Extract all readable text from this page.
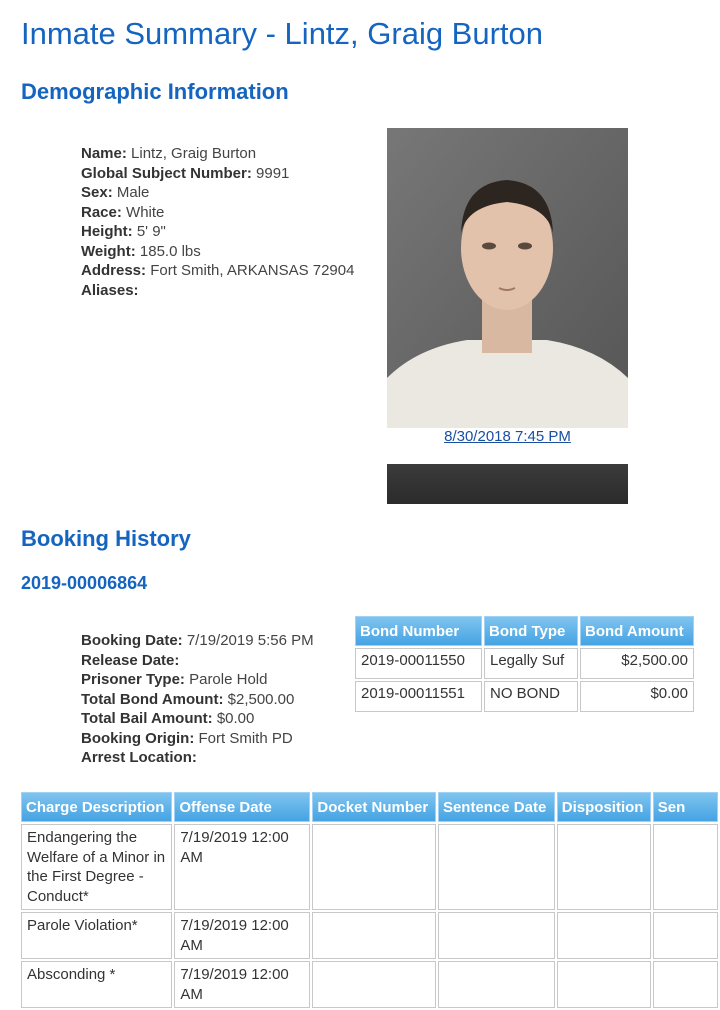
Inmate Summary - Lintz, Graig Burton
Demographic Information
Name: Lintz, Graig Burton
Global Subject Number: 9991
Sex: Male
Race: White
Height: 5' 9"
Weight: 185.0 lbs
Address: Fort Smith, ARKANSAS 72904
Aliases:
8/30/2018 7:45 PM
Booking History
2019-00006864
Booking Date: 7/19/2019 5:56 PM
Release Date:
Prisoner Type: Parole Hold
Total Bond Amount: $2,500.00
Total Bail Amount: $0.00
Booking Origin: Fort Smith PD
Arrest Location:
Bond Number	Bond Type	Bond Amount
2019-00011550	Legally Suf	$2,500.00
2019-00011551	NO BOND	$0.00
Charge Description	Offense Date	Docket Number	Sentence Date	Disposition	Sen
Endangering the Welfare of a Minor in the First Degree - Conduct*	7/19/2019 12:00 AM				
Parole Violation*	7/19/2019 12:00 AM				
Absconding *	7/19/2019 12:00 AM				
